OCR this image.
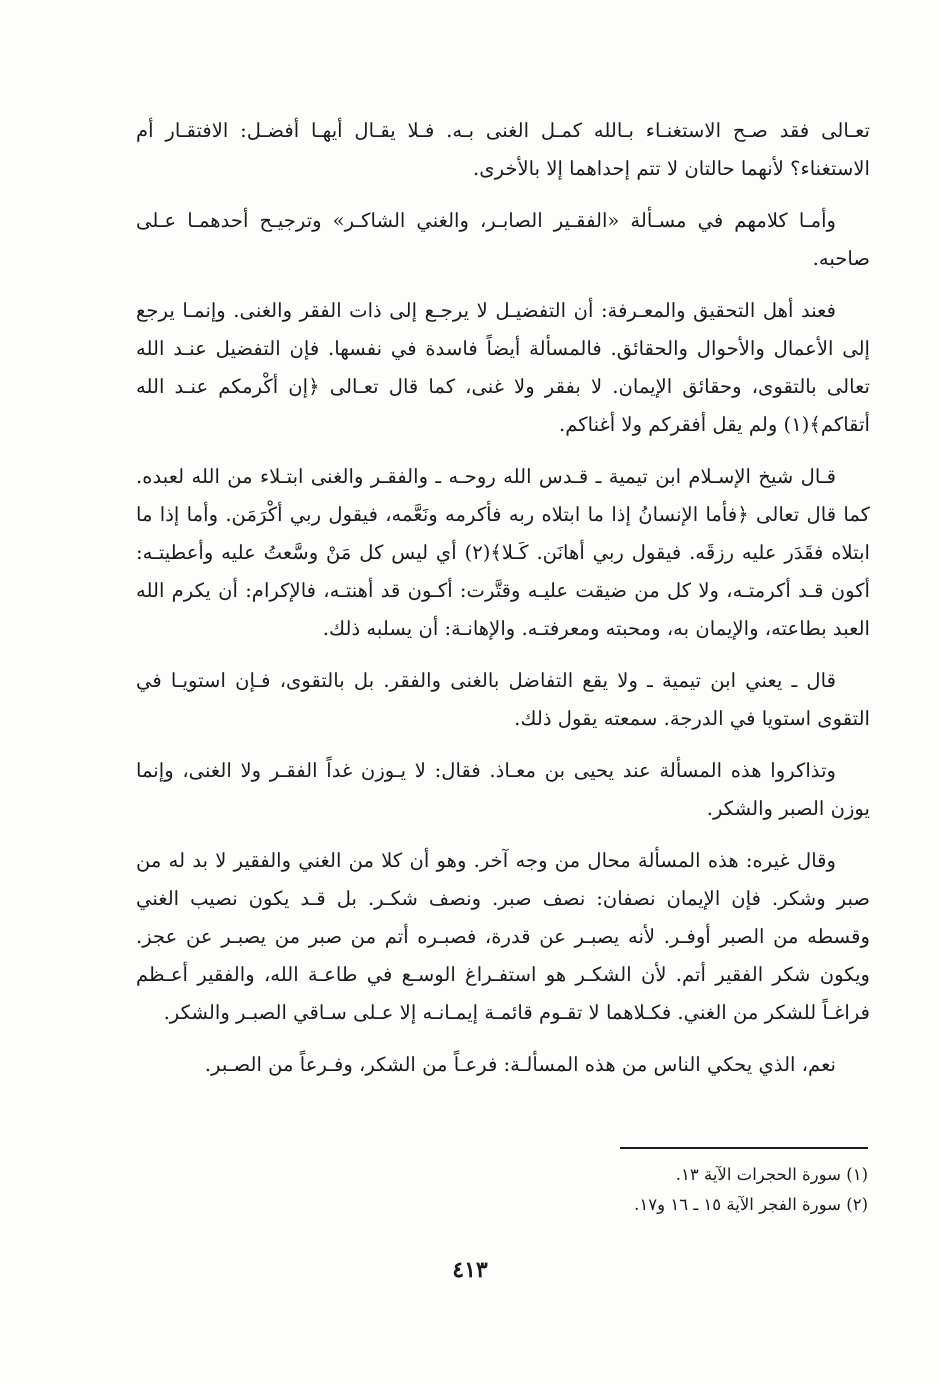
تعـالى فقد صـح الاستغنـاء بـالله كمـل الغنى بـه. فـلا يقـال أيهـا أفضـل: الافتقـار أم الاستغناء؟ لأنهما حالتان لا تتم إحداهما إلا بالأخرى.

وأمـا كلامهم في مسـألة «الفقـير الصابـر، والغني الشاكـر» وترجيـح أحدهمـا عـلى صاحبه.

فعند أهل التحقيق والمعـرفة: أن التفضيـل لا يرجـع إلى ذات الفقر والغنى. وإنمـا يرجع إلى الأعمال والأحوال والحقائق. فالمسألة أيضاً فاسدة في نفسها. فإن التفضيل عنـد الله تعالى بالتقوى، وحقائق الإيمان. لا بفقر ولا غنى، كما قال تعـالى ﴿إن أكْرمكم عنـد الله أتقاكم﴾(١) ولم يقل أفقركم ولا أغناكم.

قـال شيخ الإسـلام ابن تيمية ـ قـدس الله روحـه ـ والفقـر والغنى ابتـلاء من الله لعبده. كما قال تعالى ﴿فأما الإنسانُ إذا ما ابتلاه ربه فأكرمه ونَعَّمه، فيقول ربي أكْرَمَن. وأما إذا ما ابتلاه فقَدَر عليه رزقَه. فيقول ربي أهانَن. كَـلا﴾(٢) أي ليس كل مَنْ وسَّعتُ عليه وأعطيتـه: أكون قـد أكرمتـه، ولا كل من ضيقت عليـه وقتَّرت: أكـون قد أهنتـه، فالإكرام: أن يكرم الله العبد بطاعته، والإيمان به، ومحبته ومعرفتـه. والإهانـة: أن يسلبه ذلك.

قال ـ يعني ابن تيمية ـ ولا يقع التفاضل بالغنى والفقر. بل بالتقوى، فـإن استويـا في التقوى استويا في الدرجة. سمعته يقول ذلك.

وتذاكروا هذه المسألة عند يحيى بن معـاذ. فقال: لا يـوزن غداً الفقـر ولا الغنى، وإنما يوزن الصبر والشكر.

وقال غيره: هذه المسألة محال من وجه آخر. وهو أن كلا من الغني والفقير لا بد له من صبر وشكر. فإن الإيمان نصفان: نصف صبر. ونصف شكـر. بل قـد يكون نصيب الغني وقسطه من الصبر أوفـر. لأنه يصبـر عن قدرة، فصبـره أتم من صبر من يصبـر عن عجز. ويكون شكر الفقير أتم. لأن الشكـر هو استفـراغ الوسـع في طاعـة الله، والفقير أعـظم فراغـاً للشكر من الغني. فكـلاهما لا تقـوم قائمـة إيمـانـه إلا عـلى سـاقي الصبـر والشكر.

نعم، الذي يحكي الناس من هذه المسألـة: فرعـاً من الشكر، وفـرعاً من الصـبر.

(١) سورة الحجرات الآية ١٣.

(٢) سورة الفجر الآية ١٥ ـ ١٦ و١٧.

٤١٣
